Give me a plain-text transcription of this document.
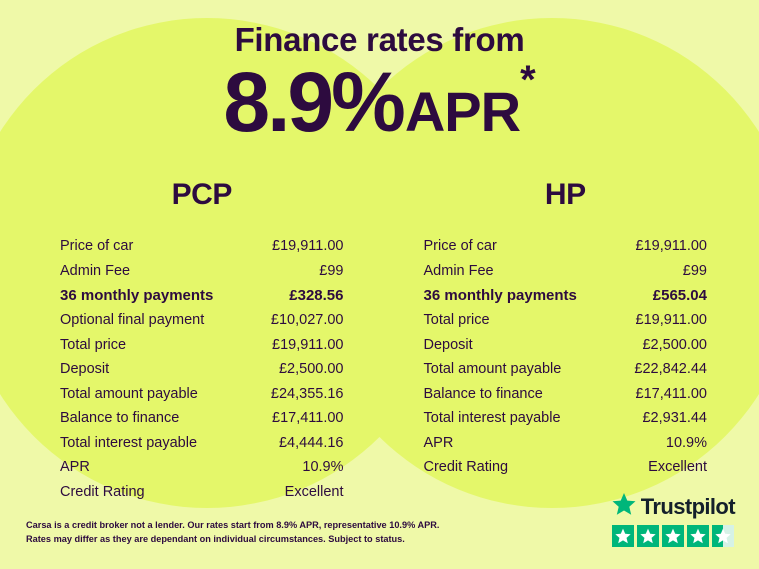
Finance rates from
8.9%APR*
PCP
Price of car	£19,911.00
Admin Fee	£99
36 monthly payments	£328.56
Optional final payment	£10,027.00
Total price	£19,911.00
Deposit	£2,500.00
Total amount payable	£24,355.16
Balance to finance	£17,411.00
Total interest payable	£4,444.16
APR	10.9%
Credit Rating	Excellent
HP
Price of car	£19,911.00
Admin Fee	£99
36 monthly payments	£565.04
Total price	£19,911.00
Deposit	£2,500.00
Total amount payable	£22,842.44
Balance to finance	£17,411.00
Total interest payable	£2,931.44
APR	10.9%
Credit Rating	Excellent
Carsa is a credit broker not a lender. Our rates start from 8.9% APR, representative 10.9% APR. Rates may differ as they are dependant on individual circumstances. Subject to status.
Trustpilot
